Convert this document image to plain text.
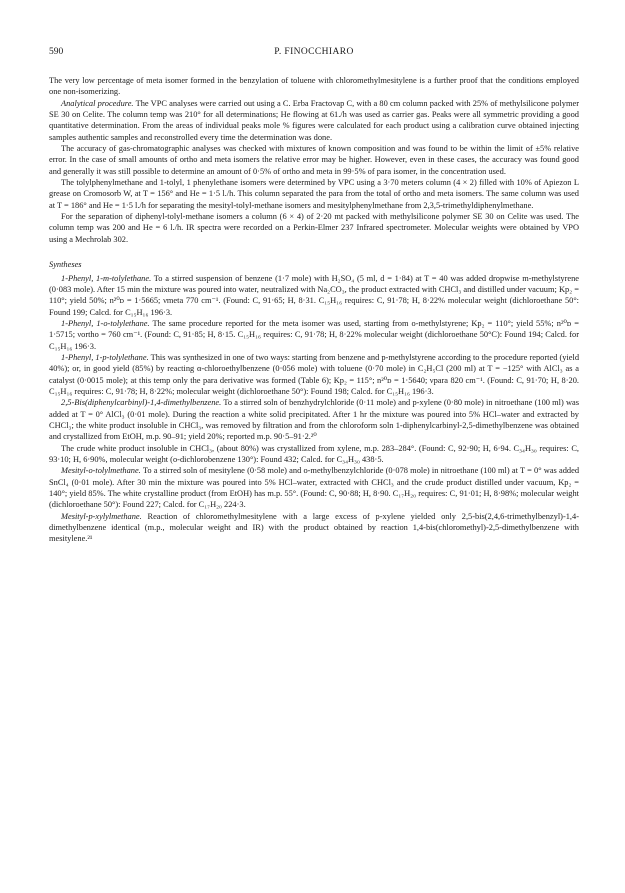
590	P. FINOCCHIARO

The very low percentage of meta isomer formed in the benzylation of toluene with chloromethylmesitylene is a further proof that the conditions employed one non-isomerizing.

Analytical procedure. The VPC analyses were carried out using a C. Erba Fractovap C, with a 80 cm column packed with 25% of methylsilicone polymer SE 30 on Celite. The column temp was 210° for all determinations; He flowing at 61./h was used as carrier gas. Peaks were all symmetric providing a good quantitative determination. From the areas of individual peaks mole % figures were calculated for each product using a calibration curve obtained injecting samples authentic samples and reconstrolled every time the determination was done.

The accuracy of gas-chromatographic analyses was checked with mixtures of known composition and was found to be within the limit of ±5% relative error. In the case of small amounts of ortho and meta isomers the relative error may be higher. However, even in these cases, the accuracy was found good and generally it was still possible to determine an amount of 0·5% of ortho and meta in 99·5% of para isomer, in the concentration used.

The tolylphenylmethane and 1-tolyl, 1 phenylethane isomers were determined by VPC using a 3·70 meters column (4 × 2) filled with 10% of Apiezon L grease on Cromosorb W, at T = 156° and He = 1·5 l./h. This column separated the para from the total of ortho and meta isomers. The same column was used at T = 186° and He = 1·5 l./h for separating the mesityl-tolyl-methane isomers and mesitylphenylmethane from 2,3,5-trimethyldiphenylmethane.

For the separation of diphenyl-tolyl-methane isomers a column (6 × 4) of 2·20 mt packed with methylsilicone polymer SE 30 on Celite was used. The column temp was 200 and He = 6 l./h. IR spectra were recorded on a Perkin-Elmer 237 Infrared spectrometer. Molecular weights were obtained by VPO using a Mechrolab 302.

Syntheses

1-Phenyl, 1-m-tolylethane. To a stirred suspension of benzene (1·7 mole) with H₂SO₄ (5 ml, d = 1·84) at T = 40 was added dropwise m-methylstyrene (0·083 mole). After 15 min the mixture was poured into water, neutralized with Na₂CO₃, the product extracted with CHCl₃ and distilled under vacuum; Kp₂ = 110°; yield 50%; n²⁰ᴅ = 1·5665; νmeta 770 cm⁻¹. (Found: C, 91·65; H, 8·31. C₁₅H₁₆ requires: C, 91·78; H, 8·22% molecular weight (dichloroethane 50°: Found 199; Calcd. for C₁₅H₁₆ 196·3.

1-Phenyl, 1-o-tolylethane. The same procedure reported for the meta isomer was used, starting from o-methylstyrene; Kp₂ = 110°; yield 55%; n²⁰ᴅ = 1·5715; νortho = 760 cm⁻¹. (Found: C, 91·85; H, 8·15. C₁₅H₁₆ requires: C, 91·78; H, 8·22% molecular weight (dichloroethane 50°C): Found 194; Calcd. for C₁₅H₁₆ 196·3.

1-Phenyl, 1-p-tolylethane. This was synthesized in one of two ways: starting from benzene and p-methylstyrene according to the procedure reported (yield 40%); or, in good yield (85%) by reacting α-chloroethylbenzene (0·056 mole) with toluene (0·70 mole) in C₂H₅Cl (200 ml) at T = −125° with AlCl₃ as a catalyst (0·0015 mole); at this temp only the para derivative was formed (Table 6); Kp₂ = 115°; n²⁰ᴅ = 1·5640; νpara 820 cm⁻¹. (Found: C, 91·70; H, 8·20. C₁₅H₁₆ requires: C, 91·78; H, 8·22%; molecular weight (dichloroethane 50°): Found 198; Calcd. for C₁₅H₁₆ 196·3.

2,5-Bis(diphenylcarbinyl)-1,4-dimethylbenzene. To a stirred soln of benzhydrylchloride (0·11 mole) and p-xylene (0·80 mole) in nitroethane (100 ml) was added at T = 0° AlCl₃ (0·01 mole). During the reaction a white solid precipitated. After 1 hr the mixture was poured into 5% HCl–water and extracted by CHCl₃; the white product insoluble in CHCl₃, was removed by filtration and from the chloroform soln 1-diphenylcarbinyl-2,5-dimethylbenzene was obtained and crystallized from EtOH, m.p. 90–91; yield 20%; reported m.p. 90·5–91·2.²⁰

The crude white product insoluble in CHCl₃, (about 80%) was crystallized from xylene, m.p. 283–284°. (Found: C, 92·90; H, 6·94. C₃₄H₃₀ requires: C, 93·10; H, 6·90%, molecular weight (o-dichlorobenzene 130°): Found 432; Calcd. for C₃₄H₃₀ 438·5.

Mesityl-o-tolylmethane. To a stirred soln of mesitylene (0·58 mole) and o-methylbenzylchloride (0·078 mole) in nitroethane (100 ml) at T = 0° was added SnCl₄ (0·01 mole). After 30 min the mixture was poured into 5% HCl–water, extracted with CHCl₃ and the crude product distilled under vacuum, Kp₂ = 140°; yield 85%. The white crystalline product (from EtOH) has m.p. 55°. (Found: C, 90·88; H, 8·90. C₁₇H₂₀ requires: C, 91·01; H, 8·98%; molecular weight (dichloroethane 50°): Found 227; Calcd. for C₁₇H₂₀ 224·3.

Mesityl-p-xylylmethane. Reaction of chloromethylmesitylene with a large excess of p-xylene yielded only 2,5-bis(2,4,6-trimethylbenzyl)-1,4-dimethylbenzene identical (m.p., molecular weight and IR) with the product obtained by reaction 1,4-bis(chloromethyl)-2,5-dimethylbenzene with mesitylene.²¹
